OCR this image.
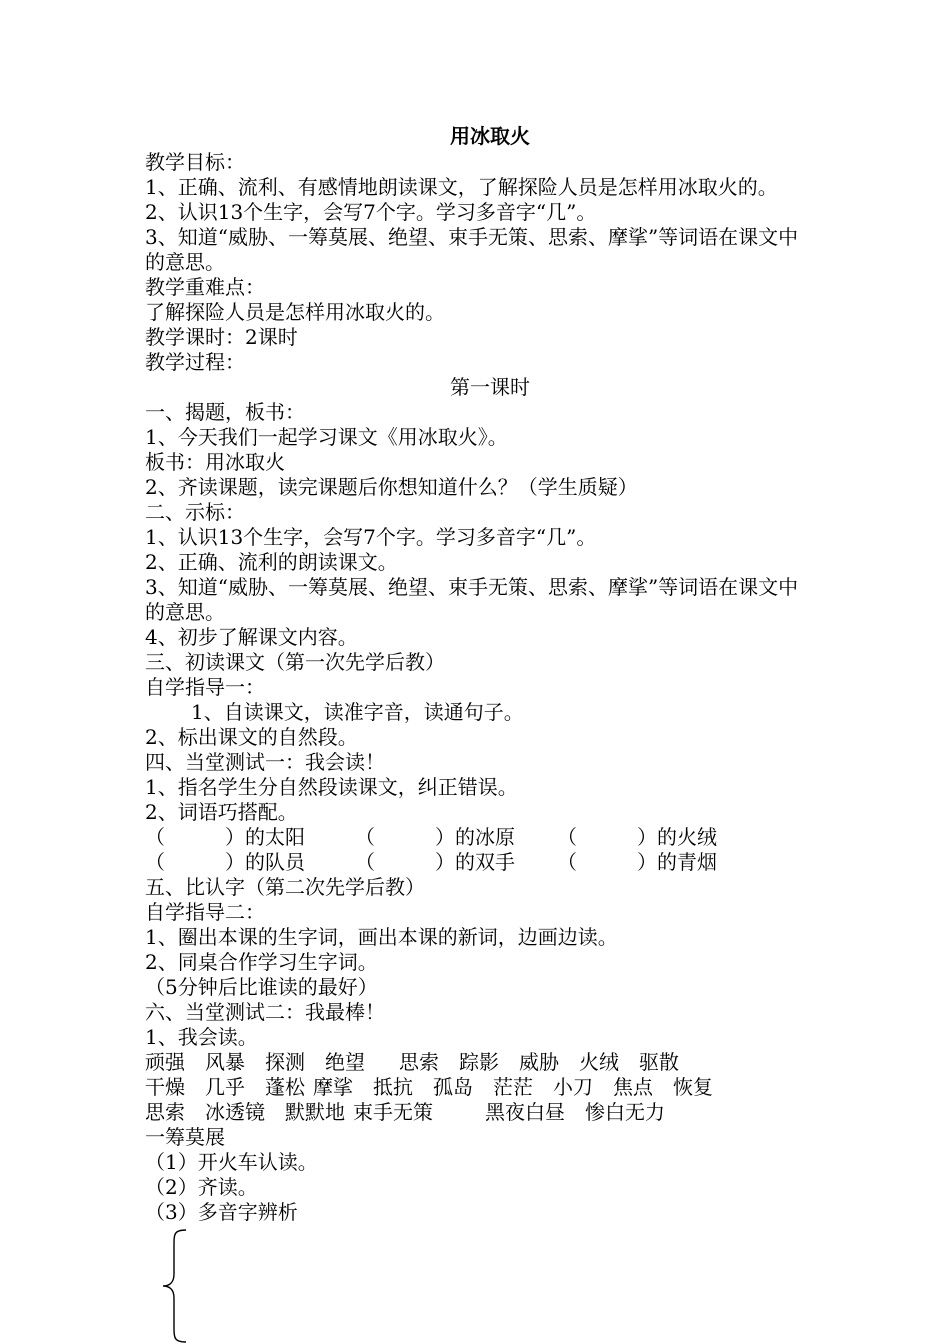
用冰取火
教学目标：
1、正确、流利、有感情地朗读课文，了解探险人员是怎样用冰取火的。
2、认识13个生字，会写7个字。学习多音字“几”。
3、知道“威胁、一筹莫展、绝望、束手无策、思索、摩挲”等词语在课文中的意思。
教学重难点：
了解探险人员是怎样用冰取火的。
教学课时：2课时
教学过程：
第一课时
一、揭题，板书：
1、今天我们一起学习课文《用冰取火》。
板书：用冰取火
2、齐读课题，读完课题后你想知道什么？（学生质疑）
二、示标：
1、认识13个生字，会写7个字。学习多音字“几”。
2、正确、流利的朗读课文。
3、知道“威胁、一筹莫展、绝望、束手无策、思索、摩挲”等词语在课文中的意思。
4、初步了解课文内容。
三、初读课文（第一次先学后教）
自学指导一：
1、自读课文，读准字音，读通句子。
2、标出课文的自然段。
四、当堂测试一：我会读！
1、指名学生分自然段读课文，纠正错误。
2、词语巧搭配。
（　　　）的太阳	（　　　）的冰原	（　　　）的火绒
（　　　）的队员	（　　　）的双手	（　　　）的青烟
五、比认字（第二次先学后教）
自学指导二：
1、圈出本课的生字词，画出本课的新词，边画边读。
2、同桌合作学习生字词。
（5分钟后比谁读的最好）
六、当堂测试二：我最棒！
1、我会读。
顽强 风暴 探测 绝望 思索 踪影 威胁 火绒 驱散
干燥 几乎 蓬松 摩挲 抵抗 孤岛 茫茫 小刀 焦点 恢复
思索 冰透镜 默默地 束手无策	黑夜白昼 惨白无力
一筹莫展
（1）开火车认读。
（2）齐读。
（3）多音字辨析
